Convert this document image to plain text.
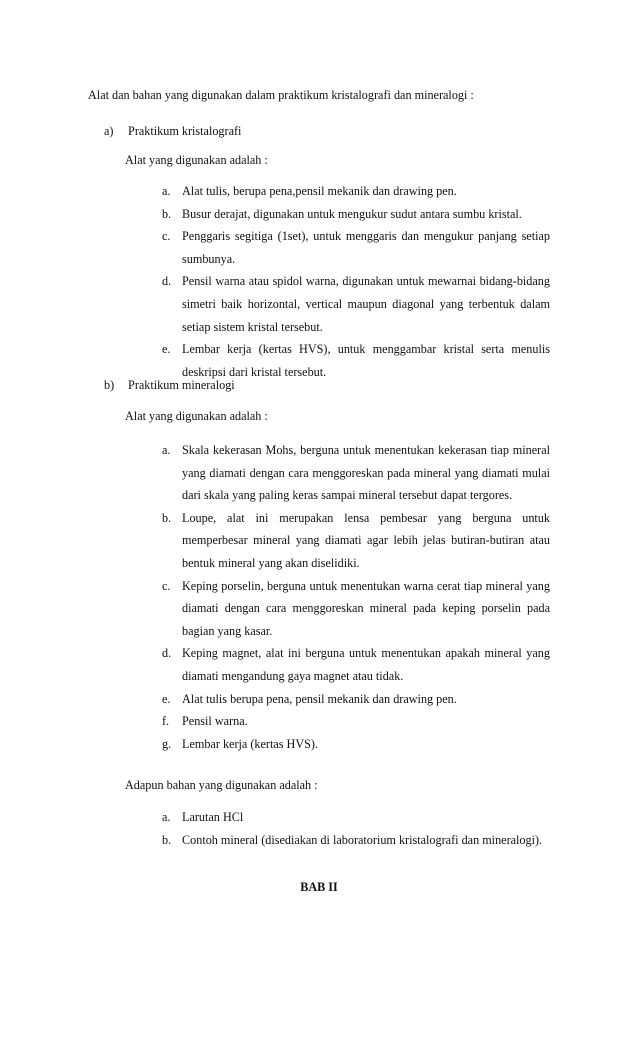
Alat dan bahan yang digunakan dalam praktikum kristalografi dan mineralogi :
a) Praktikum kristalografi
Alat yang digunakan adalah :
a. Alat tulis, berupa pena,pensil mekanik dan drawing pen.
b. Busur derajat, digunakan untuk mengukur sudut antara sumbu kristal.
c. Penggaris segitiga (1set), untuk menggaris dan mengukur panjang setiap sumbunya.
d. Pensil warna atau spidol warna, digunakan untuk mewarnai bidang-bidang simetri baik horizontal, vertical maupun diagonal yang terbentuk dalam setiap sistem kristal tersebut.
e. Lembar kerja (kertas HVS), untuk menggambar kristal serta menulis deskripsi dari kristal tersebut.
b) Praktikum mineralogi
Alat yang digunakan adalah :
a. Skala kekerasan Mohs, berguna untuk menentukan kekerasan tiap mineral yang diamati dengan cara menggoreskan pada mineral yang diamati mulai dari skala yang paling keras sampai mineral tersebut dapat tergores.
b. Loupe, alat ini merupakan lensa pembesar yang berguna untuk memperbesar mineral yang diamati agar lebih jelas butiran-butiran atau bentuk mineral yang akan diselidiki.
c. Keping porselin, berguna untuk menentukan warna cerat tiap mineral yang diamati dengan cara menggoreskan mineral pada keping porselin pada bagian yang kasar.
d. Keping magnet, alat ini berguna untuk menentukan apakah mineral yang diamati mengandung gaya magnet atau tidak.
e. Alat tulis berupa pena, pensil mekanik dan drawing pen.
f. Pensil warna.
g. Lembar kerja (kertas HVS).
Adapun bahan yang digunakan adalah :
a. Larutan HCl
b. Contoh mineral (disediakan di laboratorium kristalografi dan mineralogi).
BAB II
